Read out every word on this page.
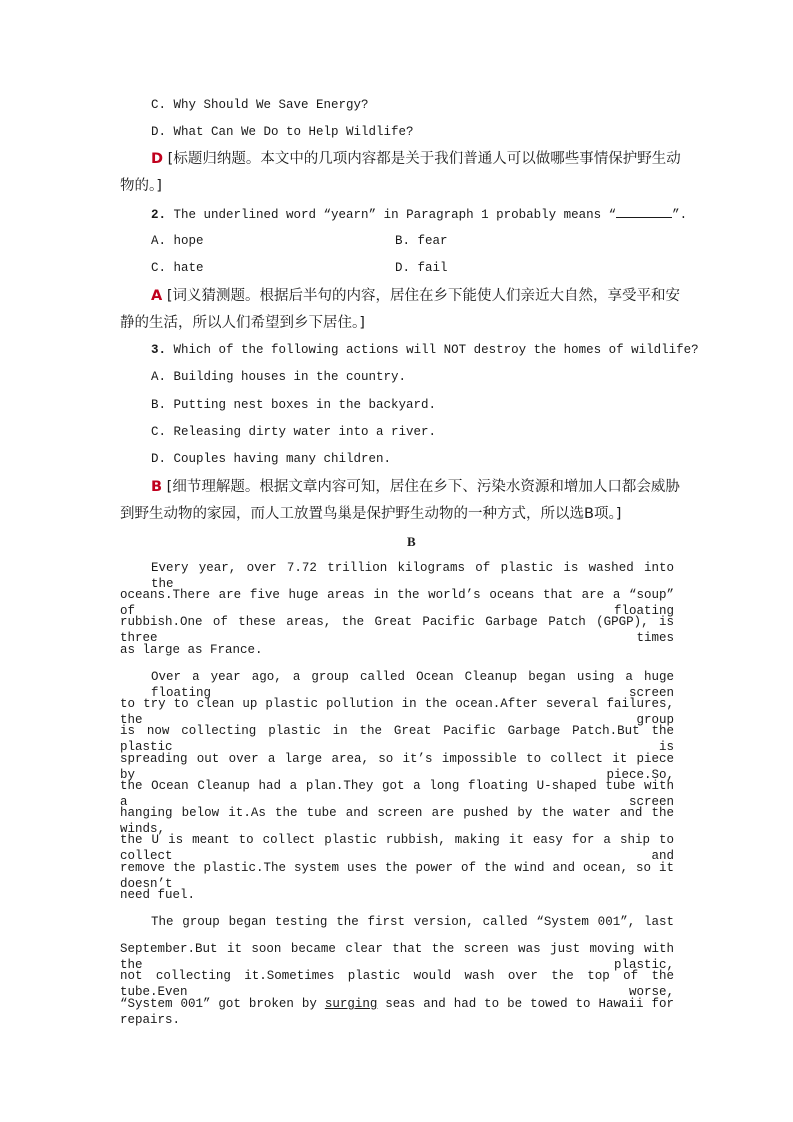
C. Why Should We Save Energy?
D. What Can We Do to Help Wildlife?
D [标题归纳题。本文中的几项内容都是关于我们普通人可以做哪些事情保护野生动
物的。]
2. The underlined word “yearn” in Paragraph 1 probably means “	”.
A. hope	B. fear
C. hate	D. fail
A [词义猜测题。根据后半句的内容，居住在乡下能使人们亲近大自然，享受平和安
静的生活，所以人们希望到乡下居住。]
3. Which of the following actions will NOT destroy the homes of wildlife?
A. Building houses in the country.
B. Putting nest boxes in the backyard.
C. Releasing dirty water into a river.
D. Couples having many children.
B [细节理解题。根据文章内容可知，居住在乡下、污染水资源和增加人口都会威胁
到野生动物的家园，而人工放置鸟巢是保护野生动物的一种方式，所以选B项。]
B
Every year, over 7.72 trillion kilograms of plastic is washed into the
oceans.There are five huge areas in the world’s oceans that are a “soup” of floating
rubbish.One of these areas, the Great Pacific Garbage Patch (GPGP), is three times
as large as France.
Over a year ago, a group called Ocean Cleanup began using a huge floating screen
to try to clean up plastic pollution in the ocean.After several failures, the group
is now collecting plastic in the Great Pacific Garbage Patch.But the plastic is
spreading out over a large area, so it’s impossible to collect it piece by piece.So,
the Ocean Cleanup had a plan.They got a long floating U-shaped tube with a screen
hanging below it.As the tube and screen are pushed by the water and the winds,
the U is meant to collect plastic rubbish, making it easy for a ship to collect and
remove the plastic.The system uses the power of the wind and ocean, so it doesn’t
need fuel.
The group began testing the first version, called “System 001”, last
September.But it soon became clear that the screen was just moving with the plastic,
not collecting it.Sometimes plastic would wash over the top of the tube.Even worse,
“System 001” got broken by surging seas and had to be towed to Hawaii for repairs.
